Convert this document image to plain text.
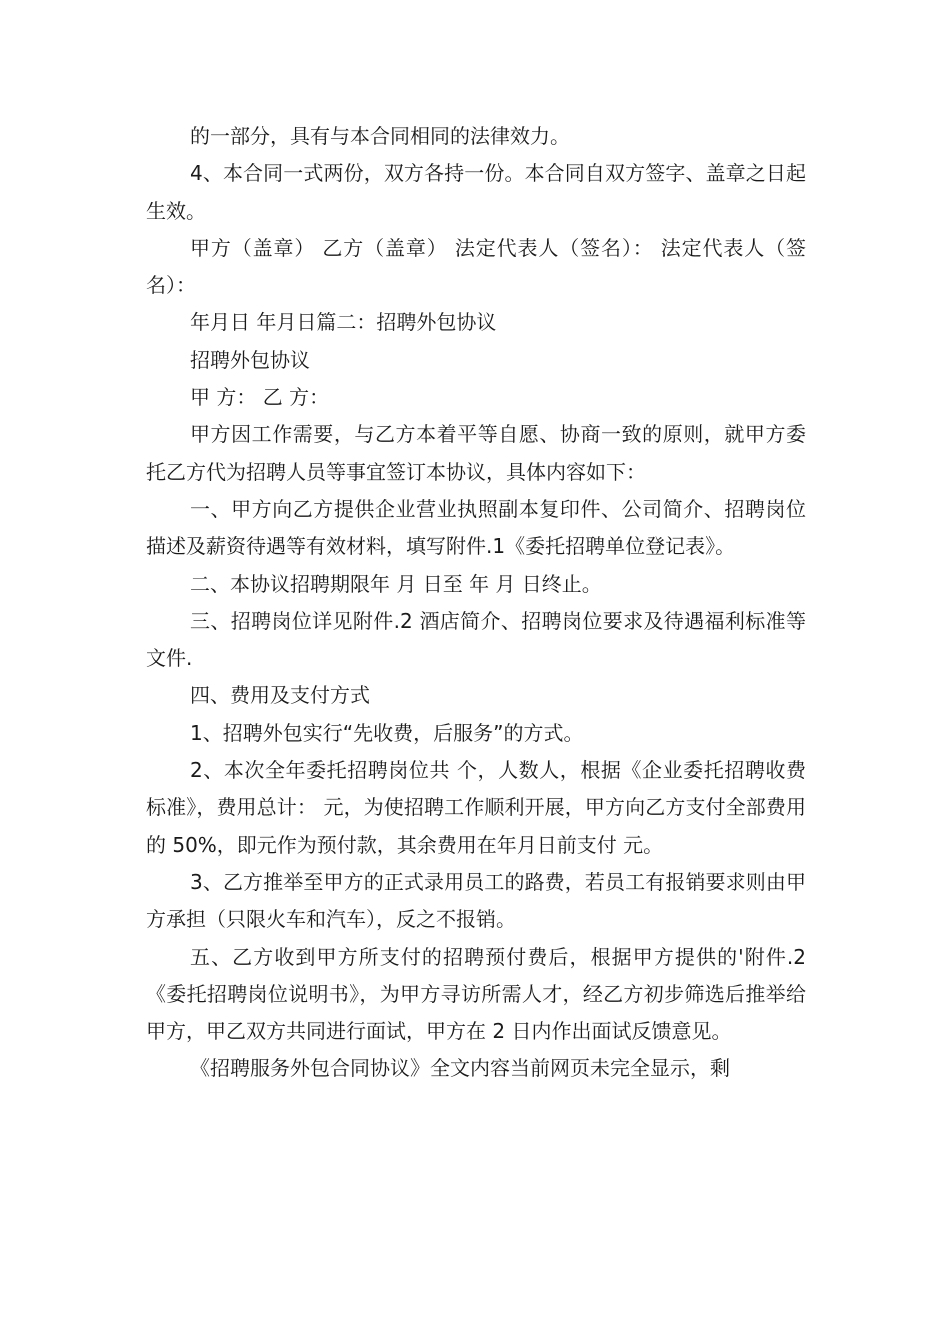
的一部分，具有与本合同相同的法律效力。

4、本合同一式两份，双方各持一份。本合同自双方签字、盖章之日起生效。

甲方（盖章） 乙方（盖章） 法定代表人（签名）： 法定代表人（签名）：

年月日 年月日篇二：招聘外包协议

招聘外包协议

甲 方： 乙 方：

甲方因工作需要，与乙方本着平等自愿、协商一致的原则，就甲方委托乙方代为招聘人员等事宜签订本协议，具体内容如下：

一、甲方向乙方提供企业营业执照副本复印件、公司简介、招聘岗位描述及薪资待遇等有效材料，填写附件.1《委托招聘单位登记表》。

二、本协议招聘期限年 月 日至 年 月 日终止。

三、招聘岗位详见附件.2 酒店简介、招聘岗位要求及待遇福利标准等文件.

四、费用及支付方式

1、招聘外包实行“先收费，后服务”的方式。

2、本次全年委托招聘岗位共 个，人数人，根据《企业委托招聘收费标准》，费用总计： 元，为使招聘工作顺利开展，甲方向乙方支付全部费用的 50%，即元作为预付款，其余费用在年月日前支付 元。

3、乙方推举至甲方的正式录用员工的路费，若员工有报销要求则由甲方承担（只限火车和汽车），反之不报销。

五、乙方收到甲方所支付的招聘预付费后，根据甲方提供的'附件.2《委托招聘岗位说明书》，为甲方寻访所需人才，经乙方初步筛选后推举给甲方，甲乙双方共同进行面试，甲方在 2 日内作出面试反馈意见。

《招聘服务外包合同协议》全文内容当前网页未完全显示，剩
